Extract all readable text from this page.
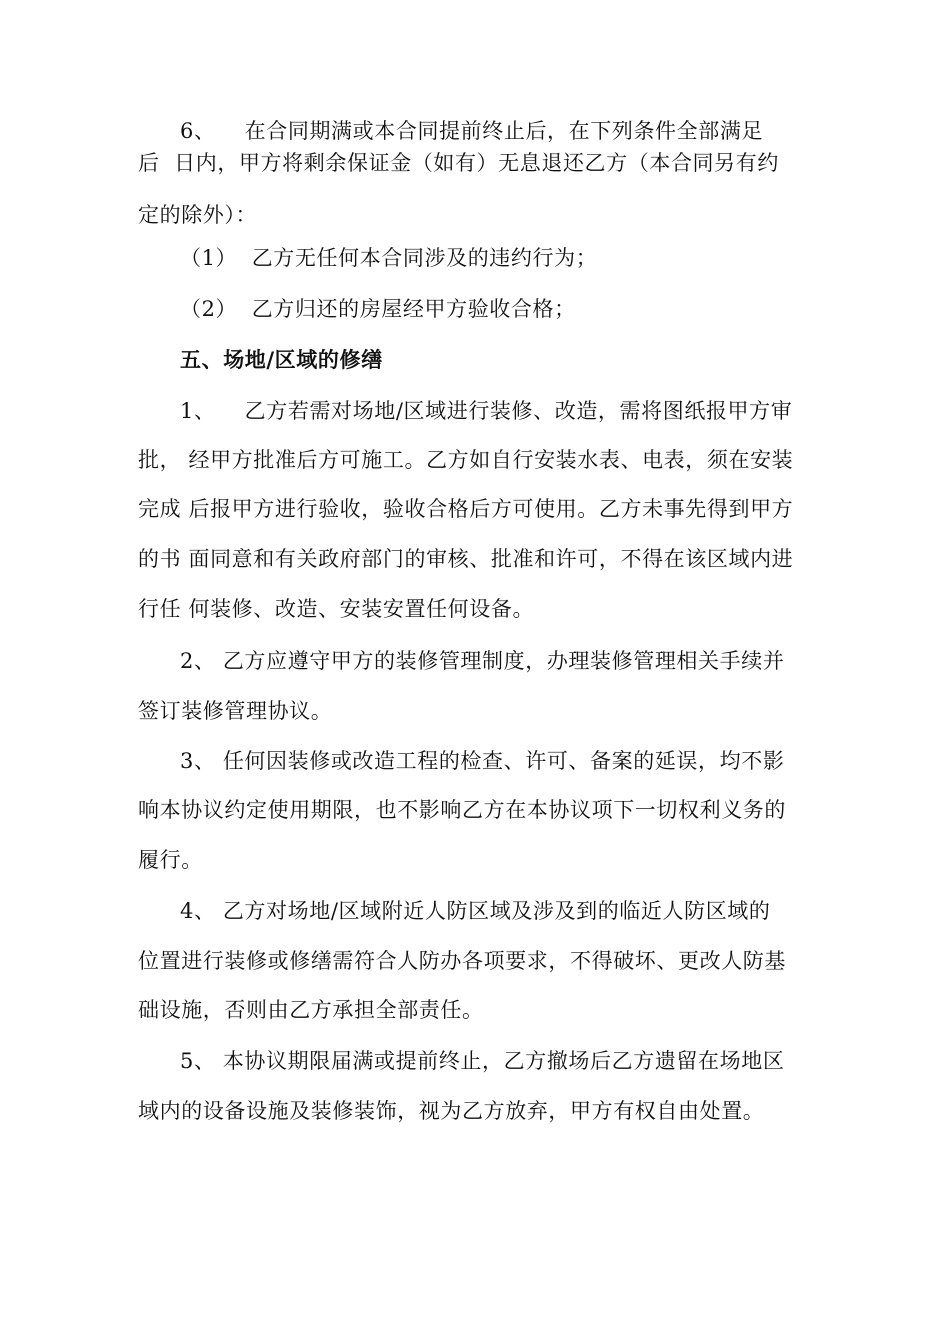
6、    在合同期满或本合同提前终止后，在下列条件全部满足
后  日内，甲方将剩余保证金（如有）无息退还乙方（本合同另有约
定的除外）：
（1）  乙方无任何本合同涉及的违约行为；
（2）  乙方归还的房屋经甲方验收合格；
五、场地/区域的修缮
1、    乙方若需对场地/区域进行装修、改造，需将图纸报甲方审
批， 经甲方批准后方可施工。乙方如自行安装水表、电表，须在安装
完成 后报甲方进行验收，验收合格后方可使用。乙方未事先得到甲方
的书 面同意和有关政府部门的审核、批准和许可，不得在该区域内进
行任 何装修、改造、安装安置任何设备。
2、 乙方应遵守甲方的装修管理制度，办理装修管理相关手续并
签订装修管理协议。
3、 任何因装修或改造工程的检查、许可、备案的延误，均不影
响本协议约定使用期限，也不影响乙方在本协议项下一切权利义务的
履行。
4、 乙方对场地/区域附近人防区域及涉及到的临近人防区域的
位置进行装修或修缮需符合人防办各项要求，不得破坏、更改人防基
础设施，否则由乙方承担全部责任。
5、 本协议期限届满或提前终止，乙方撤场后乙方遗留在场地区
域内的设备设施及装修装饰，视为乙方放弃，甲方有权自由处置。
